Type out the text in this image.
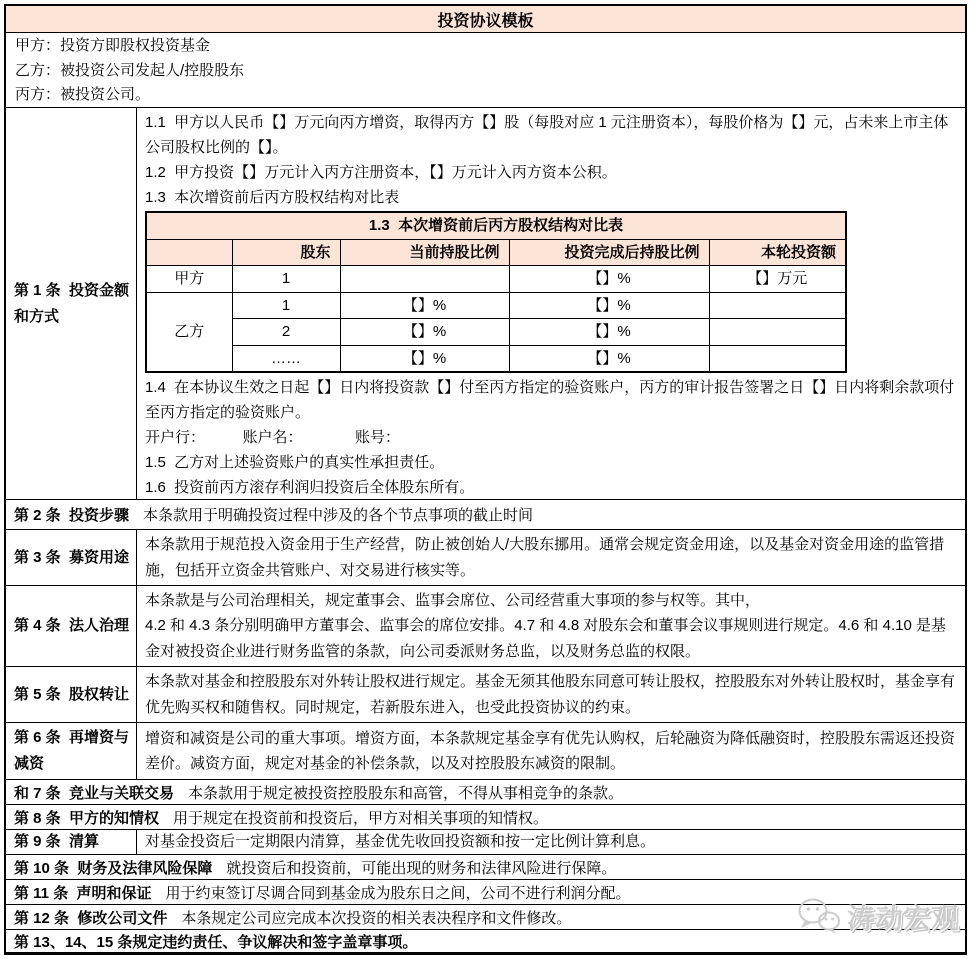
投资协议模板
甲方：投资方即股权投资基金
乙方：被投资公司发起人/控股股东
丙方：被投资公司。
第 1 条  投资金额和方式

1.1  甲方以人民币【】万元向丙方增资，取得丙方【】股（每股对应 1 元注册资本），每股价格为【】元，占未来上市主体公司股权比例的【】。

1.2  甲方投资【】万元计入丙方注册资本，【】万元计入丙方资本公积。

1.3  本次增资前后丙方股权结构对比表

1.3  本次增资前后丙方股权结构对比表				
	股东	当前持股比例	投资完成后持股比例	本轮投资额
甲方	1		【】%	【】万元
乙方	1	【】%	【】%	
	2	【】%	【】%	
	……	【】%	【】%	

1.4  在本协议生效之日起【】日内将投资款【】付至丙方指定的验资账户，丙方的审计报告签署之日【】日内将剩余款项付至丙方指定的验资账户。

开户行：　　　账户名：　　　　账号：

1.5  乙方对上述验资账户的真实性承担责任。

1.6  投资前丙方滚存利润归投资后全体股东所有。

第 2 条  投资步骤 本条款用于明确投资过程中涉及的各个节点事项的截止时间
第 3 条  募资用途
本条款用于规范投入资金用于生产经营，防止被创始人/大股东挪用。通常会规定资金用途，以及基金对资金用途的监管措施，包括开立资金共管账户、对交易进行核实等。
第 4 条  法人治理
本条款是与公司治理相关，规定董事会、监事会席位、公司经营重大事项的参与权等。其中，
4.2 和 4.3 条分别明确甲方董事会、监事会的席位安排。4.7 和 4.8 对股东会和董事会议事规则进行规定。4.6 和 4.10 是基金对被投资企业进行财务监管的条款，向公司委派财务总监，以及财务总监的权限。
第 5 条  股权转让
本条款对基金和控股股东对外转让股权进行规定。基金无须其他股东同意可转让股权，控股股东对外转让股权时，基金享有优先购买权和随售权。同时规定，若新股东进入，也受此投资协议的约束。
第 6 条  再增资与减资
增资和减资是公司的重大事项。增资方面，本条款规定基金享有优先认购权，后轮融资为降低融资时，控股股东需返还投资差价。减资方面，规定对基金的补偿条款，以及对控股股东减资的限制。
和 7 条  竞业与关联交易 本条款用于规定被投资控股股东和高管，不得从事相竞争的条款。
第 8 条  甲方的知情权 用于规定在投资前和投资后，甲方对相关事项的知情权。
第 9 条  清算	对基金投资后一定期限内清算，基金优先收回投资额和按一定比例计算利息。
第 10 条  财务及法律风险保障 就投资后和投资前，可能出现的财务和法律风险进行保障。
第 11 条  声明和保证 用于约束签订尽调合同到基金成为股东日之间，公司不进行利润分配。
第 12 条  修改公司文件 本条规定公司应完成本次投资的相关表决程序和文件修改。
第 13、14、15 条规定违约责任、争议解决和签字盖章事项。
涛动宏观
